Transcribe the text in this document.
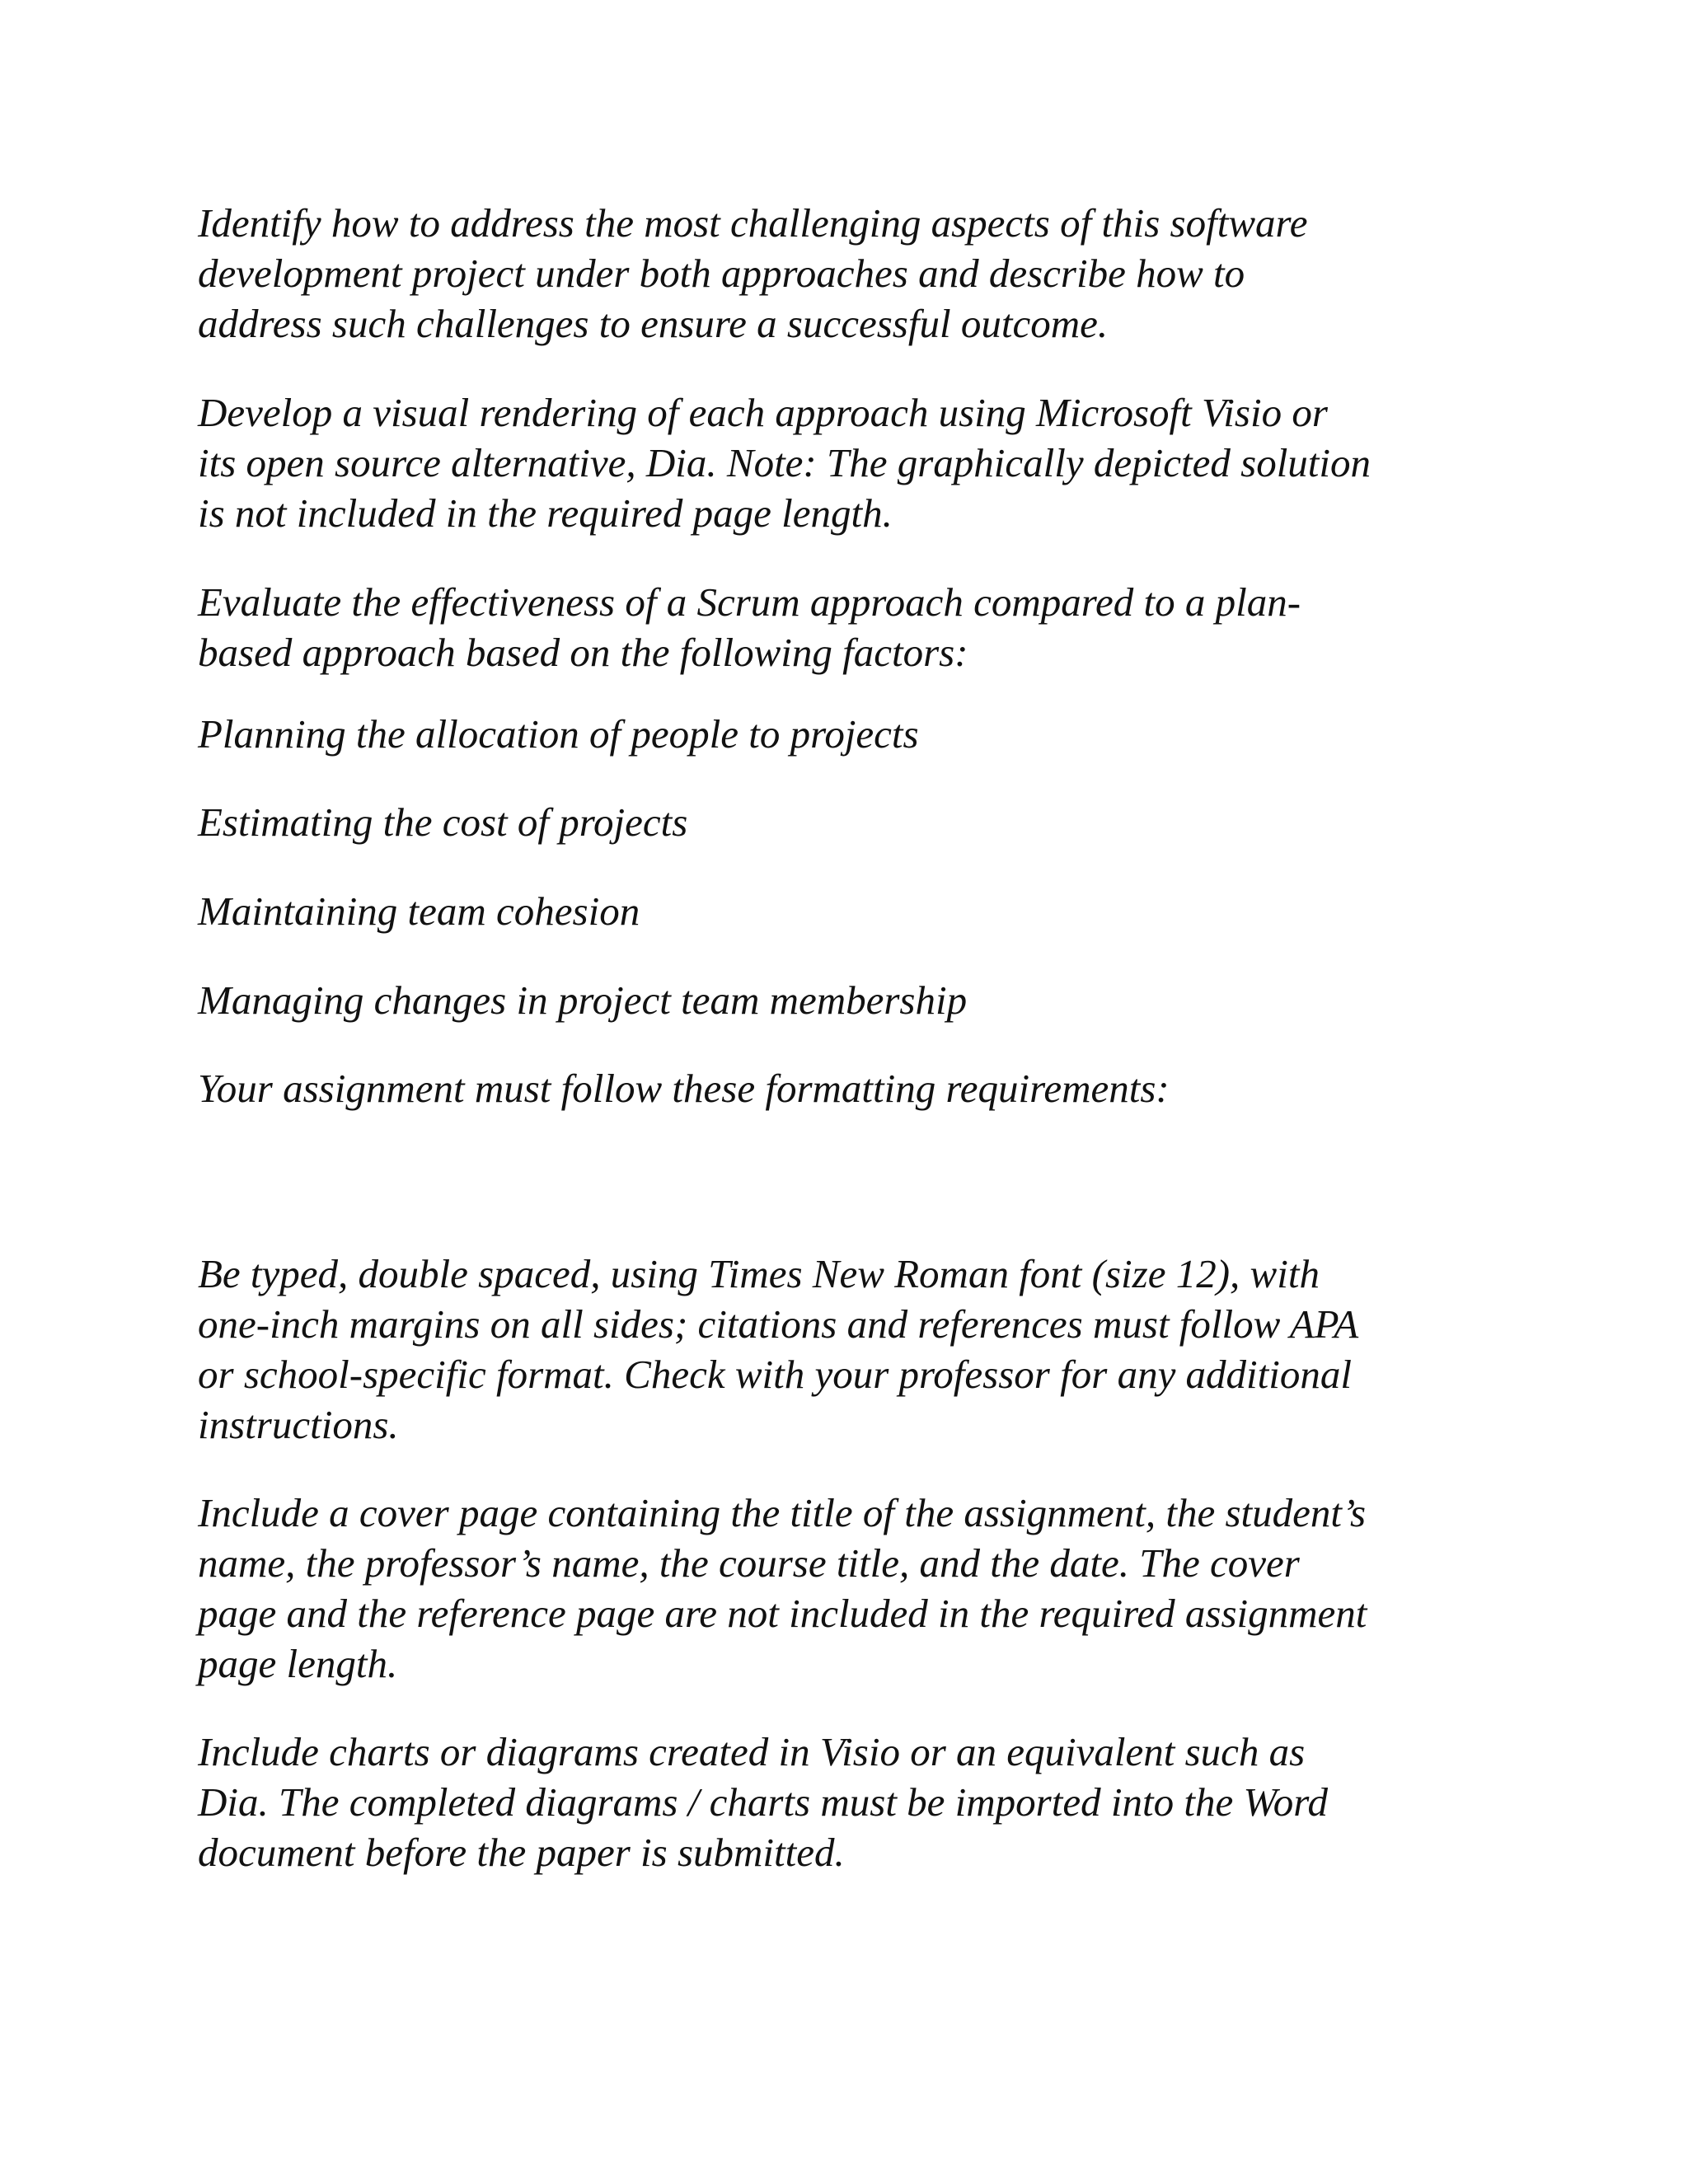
Identify how to address the most challenging aspects of this software
development project under both approaches and describe how to
address such challenges to ensure a successful outcome.

Develop a visual rendering of each approach using Microsoft Visio or
its open source alternative, Dia. Note: The graphically depicted solution
is not included in the required page length.

Evaluate the effectiveness of a Scrum approach compared to a plan-
based approach based on the following factors:

Planning the allocation of people to projects

Estimating the cost of projects

Maintaining team cohesion

Managing changes in project team membership

Your assignment must follow these formatting requirements:

Be typed, double spaced, using Times New Roman font (size 12), with
one-inch margins on all sides; citations and references must follow APA
or school-specific format. Check with your professor for any additional
instructions.

Include a cover page containing the title of the assignment, the student’s
name, the professor’s name, the course title, and the date. The cover
page and the reference page are not included in the required assignment
page length.

Include charts or diagrams created in Visio or an equivalent such as
Dia. The completed diagrams / charts must be imported into the Word
document before the paper is submitted.
